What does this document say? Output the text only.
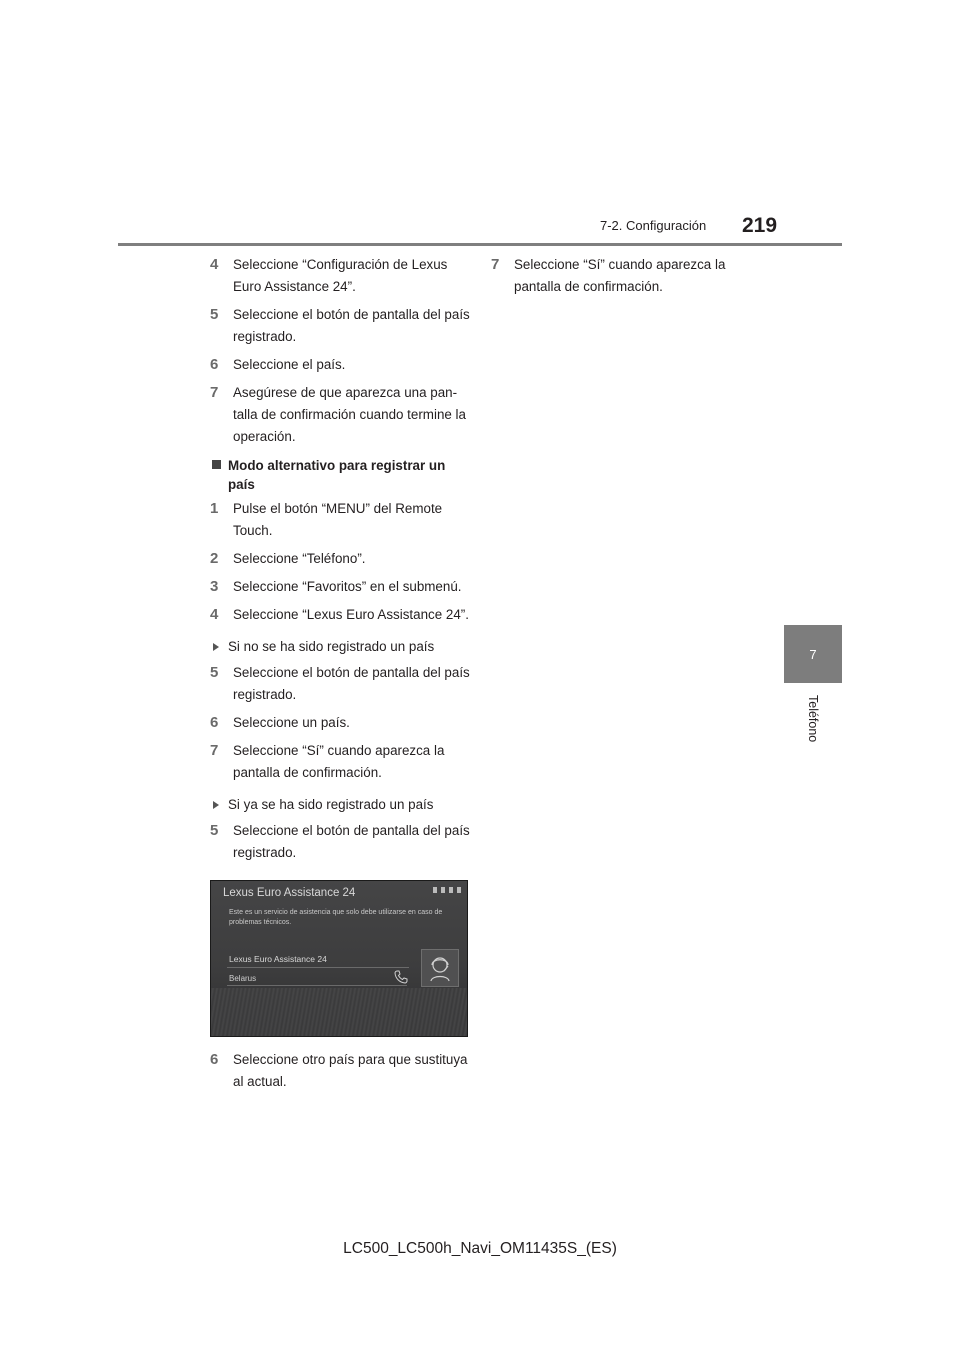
7-2. Configuración 219
7
Teléfono
4 Seleccione “Configuración de Lexus Euro Assistance 24”.
5 Seleccione el botón de pantalla del país registrado.
6 Seleccione el país.
7 Asegúrese de que aparezca una pan-talla de confirmación cuando termine la operación.
Modo alternativo para registrar un país
1 Pulse el botón “MENU” del Remote Touch.
2 Seleccione “Teléfono”.
3 Seleccione “Favoritos” en el submenú.
4 Seleccione “Lexus Euro Assistance 24”.
Si no se ha sido registrado un país
5 Seleccione el botón de pantalla del país registrado.
6 Seleccione un país.
7 Seleccione “Sí” cuando aparezca la pantalla de confirmación.
Si ya se ha sido registrado un país
5 Seleccione el botón de pantalla del país registrado.
Lexus Euro Assistance 24
Este es un servicio de asistencia que solo debe utilizarse en caso de problemas técnicos.
Lexus Euro Assistance 24
Belarus
6 Seleccione otro país para que sustituya al actual.
7 Seleccione “Sí” cuando aparezca la pantalla de confirmación.
LC500_LC500h_Navi_OM11435S_(ES)
